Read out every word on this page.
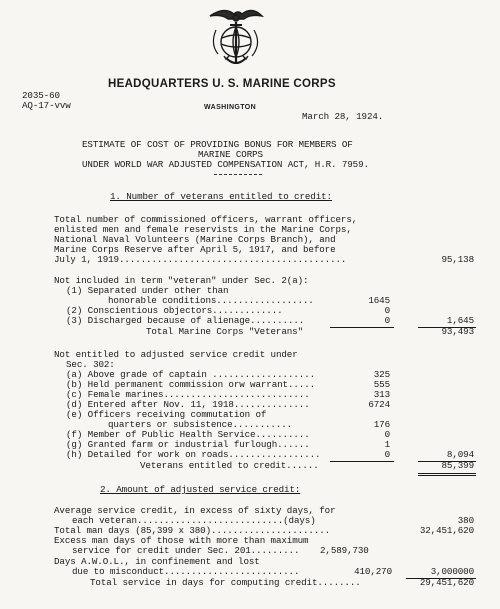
HEADQUARTERS U. S. MARINE CORPS
2035-60
AQ-17-vvw	WASHINGTON
March 28, 1924.
ESTIMATE OF COST OF PROVIDING BONUS FOR MEMBERS OF
MARINE CORPS
UNDER WORLD WAR ADJUSTED COMPENSATION ACT, H.R. 7959.
1. Number of veterans entitled to credit:
Total number of commissioned officers, warrant officers,
enlisted men and female reservists in the Marine Corps,
National Naval Volunteers (Marine Corps Branch), and
Marine Corps Reserve after April 5, 1917, and before
July 1, 1919..........................................	95,138
Not included in term "veteran" under Sec. 2(a):
(1) Separated under other than
honorable conditions..................	1645
(2) Conscientious objectors.............	0
(3) Discharged because of alienage..........	0	1,645
Total Marine Corps "Veterans"	93,493
Not entitled to adjusted service credit under
Sec. 302:
(a) Above grade of captain ...................	325
(b) Held permanent commission orw warrant.....	555
(c) Female marines...........................	313
(d) Entered after Nov. 11, 1918..............	6724
(e) Officers receiving commutation of
quarters or subsistence...........	176
(f) Member of Public Health Service..........	0
(g) Granted farm or industrial furlough......	1
(h) Detailed for work on roads.................	0	8,094
Veterans entitled to credit......	85,399
2. Amount of adjusted service credit:
Average service credit, in excess of sixty days, for
each veteran...........................(days)	380
Total man days (85,399 x 380)......................	32,451,620
Excess man days of those with more than maximum
service for credit under Sec. 201......... 2,589,730
Days A.W.O.L., in confinement and lost
due to misconduct.........................	410,270	3,000000
Total service in days for computing credit........	29,451,620
